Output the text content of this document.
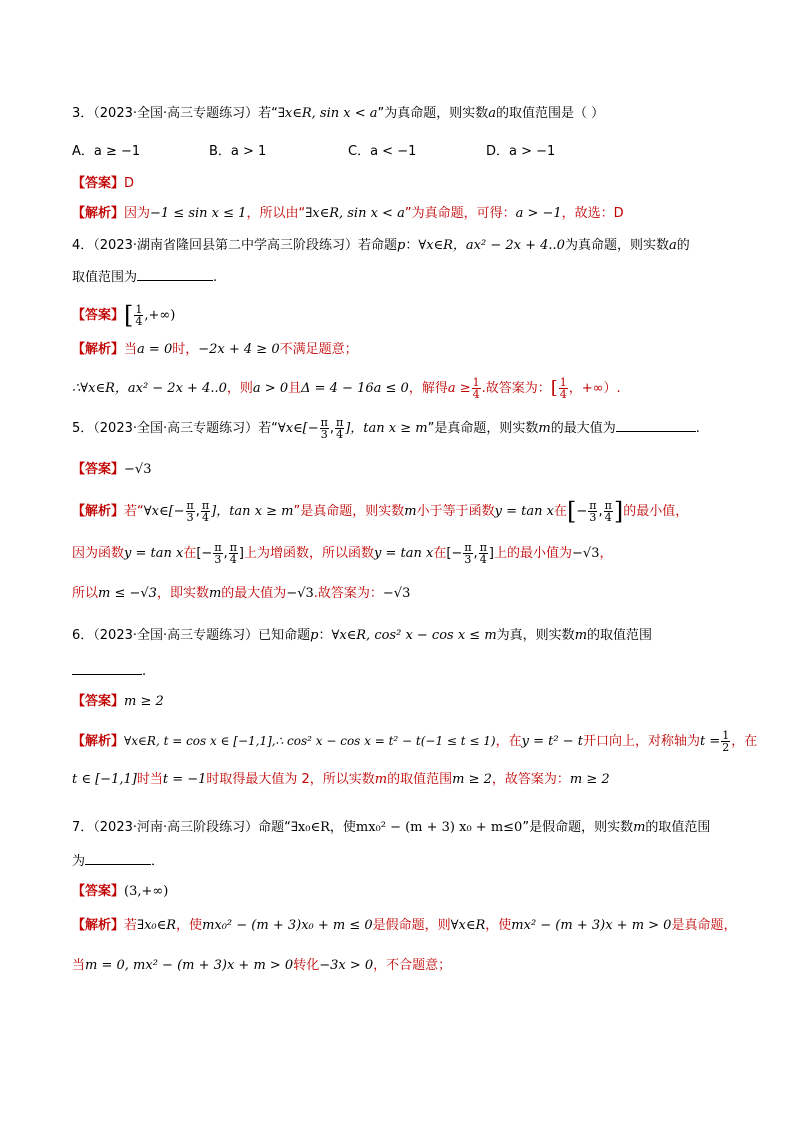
3．（2023·全国·高三专题练习）若“∃x∈R, sin x < a”为真命题，则实数a的取值范围是（ ）
A．a ≥ −1	B．a > 1	C．a < −1	D．a > −1
【答案】D
【解析】因为−1 ≤ sin x ≤ 1，所以由“∃x∈R, sin x < a”为真命题，可得：a > −1，故选：D
4．（2023·湖南省隆回县第二中学高三阶段练习）若命题p：∀x∈R，ax² − 2x + 4..0为真命题，则实数a的
取值范围为	.
【答案】[ $\frac{1}{4}$ ,+∞)
【解析】当a = 0时，−2x + 4 ≥ 0不满足题意；
∴∀x∈R，ax² − 2x + 4..0，则a > 0且Δ = 4 − 16a ≤ 0，解得$a \ge \frac{1}{4}$ .故答案为：[ $\frac{1}{4}$ ，+∞）.
5．（2023·全国·高三专题练习）若“∀x∈[− $\frac{\pi}{3}$ , $\frac{\pi}{4}$ ]，tan x ≥ m”是真命题，则实数m的最大值为	.
【答案】−√3
【解析】若“∀x∈[− $\frac{\pi}{3}$ , $\frac{\pi}{4}$ ]，tan x ≥ m”是真命题，则实数m小于等于函数y = tan x在[− $\frac{\pi}{3}$ , $\frac{\pi}{4}$ ]的最小值，
因为函数y = tan x在[− $\frac{\pi}{3}$ , $\frac{\pi}{4}$ ]上为增函数，所以函数y = tan x在[− $\frac{\pi}{3}$ , $\frac{\pi}{4}$ ]上的最小值为−√3，
所以m ≤ −√3，即实数m的最大值为−√3.故答案为：−√3
6．（2023·全国·高三专题练习）已知命题p：∀x∈R, cos² x − cos x ≤ m为真，则实数m的取值范围
.
【答案】m ≥ 2
【解析】∀x∈R, t = cos x ∈ [−1,1],∴ cos² x − cos x = t² − t(−1 ≤ t ≤ 1)，在y = t² − t开口向上，对称轴为$t = \frac{1}{2}$ ，在
t ∈ [−1,1]时当t = −1时取得最大值为 2，所以实数m的取值范围m ≥ 2，故答案为：m ≥ 2
7．（2023·河南·高三阶段练习）命题“∃x₀∈R，使mx₀² − (m + 3) x₀ + m≤0”是假命题，则实数m的取值范围
为	．
【答案】(3,+∞)
【解析】若∃x₀∈R，使mx₀² − (m + 3)x₀ + m ≤ 0是假命题，则∀x∈R，使mx² − (m + 3)x + m > 0是真命题，
当m = 0, mx² − (m + 3)x + m > 0转化−3x > 0，不合题意；
